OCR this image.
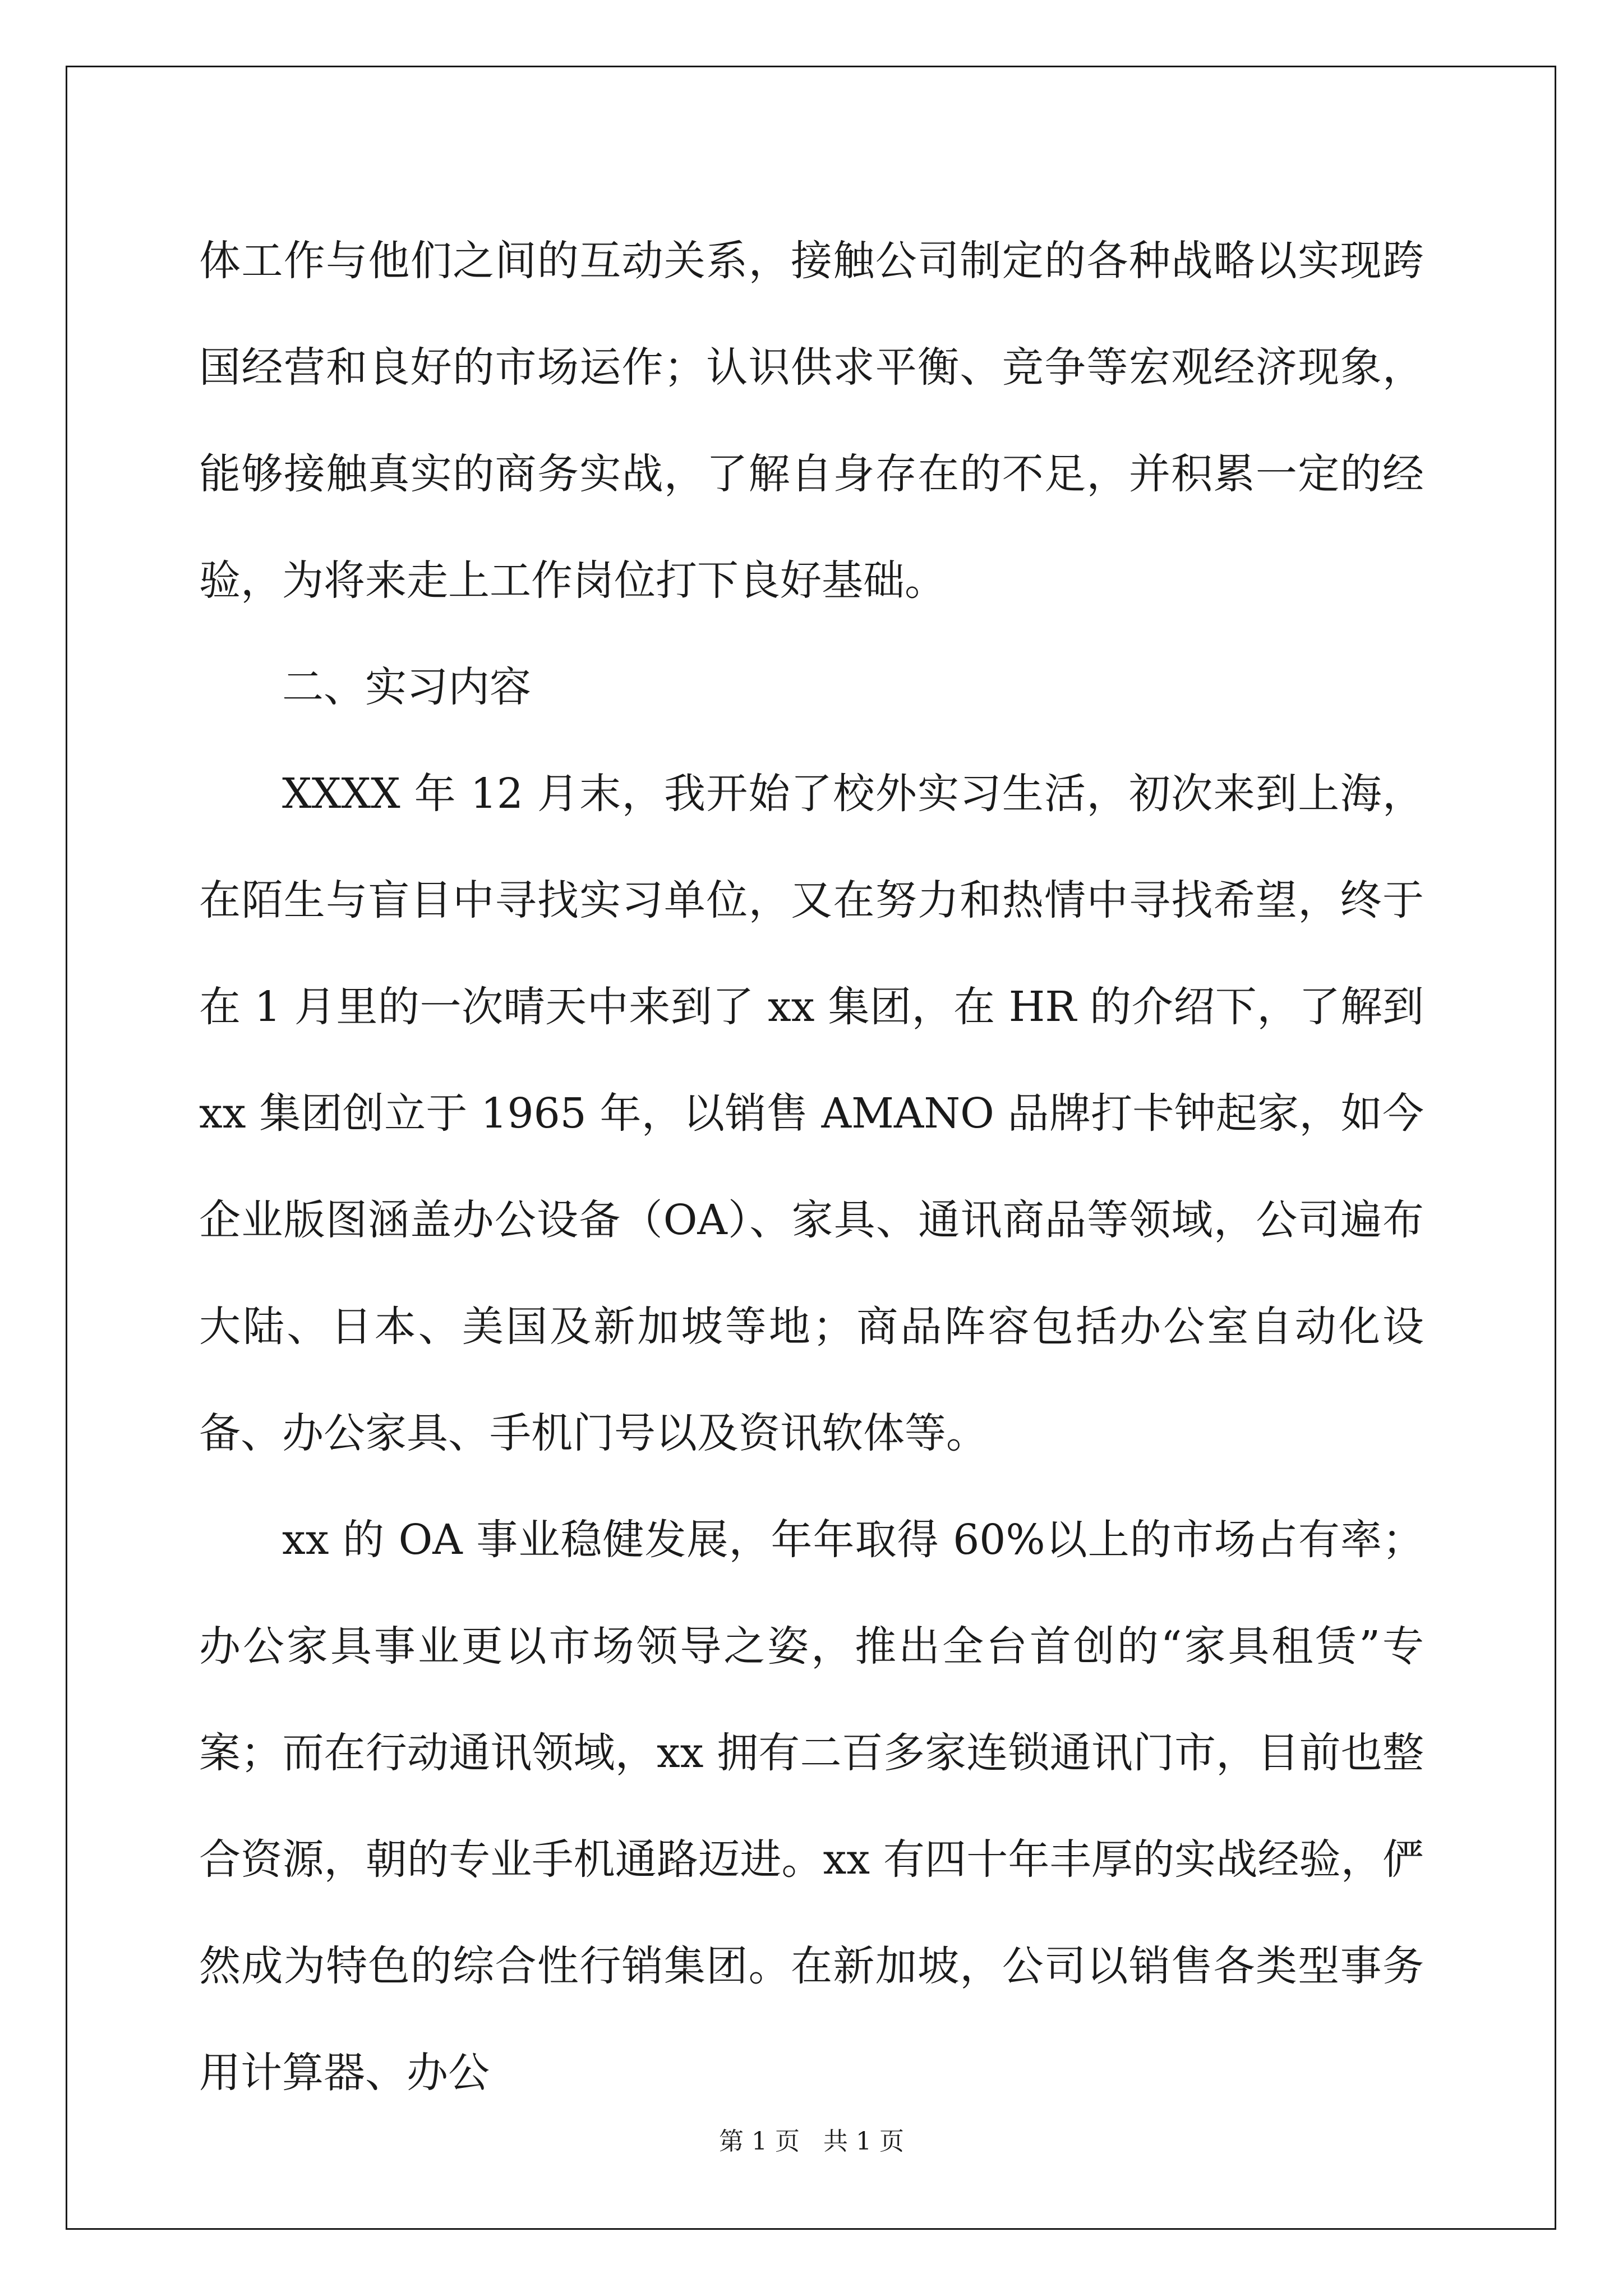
体工作与他们之间的互动关系，接触公司制定的各种战略以实现跨国经营和良好的市场运作；认识供求平衡、竞争等宏观经济现象，能够接触真实的商务实战，了解自身存在的不足，并积累一定的经验，为将来走上工作岗位打下良好基础。

二、实习内容

XXXX 年 12 月末，我开始了校外实习生活，初次来到上海，在陌生与盲目中寻找实习单位，又在努力和热情中寻找希望，终于在 1 月里的一次晴天中来到了 xx 集团，在 HR 的介绍下，了解到 xx 集团创立于 1965 年，以销售 AMANO 品牌打卡钟起家，如今企业版图涵盖办公设备（OA）、家具、通讯商品等领域，公司遍布大陆、日本、美国及新加坡等地；商品阵容包括办公室自动化设备、办公家具、手机门号以及资讯软体等。

xx 的 OA 事业稳健发展，年年取得 60%以上的市场占有率；办公家具事业更以市场领导之姿，推出全台首创的“家具租赁”专案；而在行动通讯领域，xx 拥有二百多家连锁通讯门市，目前也整合资源，朝的专业手机通路迈进。xx 有四十年丰厚的实战经验，俨然成为特色的综合性行销集团。在新加坡，公司以销售各类型事务用计算器、办公

第 1 页   共 1 页
